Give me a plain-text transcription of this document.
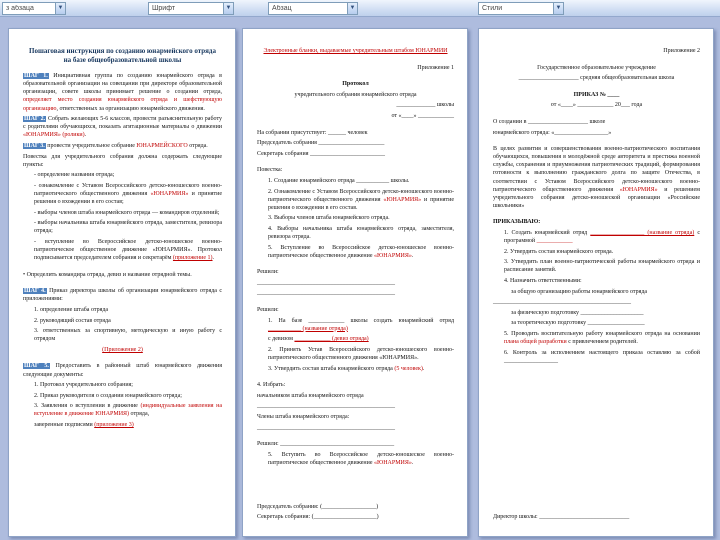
з абзаца	▼	Шрифт	▼	Абзац	▼	Стили	▼
Пошаговая инструкция по созданию юнармейского отряда на базе общеобразовательной школы
ШАГ 1. Инициативная группа по созданию юнармейского отряда в образовательной организации на совещании при директоре образовательной организации, совете школы принимает решение о создании отряда, определяет место создания юнармейского отряда и шефствующую организацию, ответственных за организацию юнармейского движения.
ШАГ 2. Собрать желающих 5-6 классов, провести разъяснительную работу с родителями обучающихся, показать агитационные материалы о движении «ЮНАРМИЯ» (ролики).
ШАГ 3. провести учредительное собрание ЮНАРМЕЙСКОГО отряда.
Повестка для учредительного собрания должна содержать следующие пункты:
- определение названия отряда;
- ознакомление с Уставом Всероссийского детско-юношеского военно-патриотического общественного движения «ЮНАРМИЯ» и принятие решения о вхождении в его состав;
- выборы членов штаба юнармейского отряда — командиров отделений;
- выборы начальника штаба юнармейского отряда, заместителя, ревизора отряда;
- вступление во Всероссийское детско-юношеское военно-патриотическое общественное движение «ЮНАРМИЯ». Протокол подписывается председателем собрания и секретарём (приложение 1).
• Определить командира отряда, девиз и название отрядной темы.
ШАГ 4. Приказ директора школы об организации юнармейского отряда с приложениями:
1. определение штаба отряда
2. руководящий состав отряда
3. ответственных за спортивную, методическую и иную работу с отрядом
(Приложение 2)
ШАГ 5. Предоставить в районный штаб юнармейского движения следующие документы:
1. Протокол учредительного собрания;
2. Приказ руководителя о создании юнармейского отряда;
3. Заявления о вступлении в движение (индивидуальные заявления на вступление в движение ЮНАРМИЯ) отряда,
заверенные подписями (приложение 3)
Электронные бланки, выдаваемые учредительным штабом ЮНАРМИИ
Приложение 1
Протокол
учредительного собрания юнармейского отряда
_____________ школы
от «____» ____________
На собрании присутствует: ______ человек
Председатель собрания ______________________
Секретарь собрания _________________________
Повестка:
1. Создание юнармейского отряда ___________ школы.
2. Ознакомление с Уставом Всероссийского детско-юношеского военно-патриотического общественного движения «ЮНАРМИЯ» и принятие решения о вхождении в его состав.
3. Выборы членов штаба юнармейского отряда.
4. Выборы начальника штаба юнармейского отряда, заместителя, ревизора отряда.
5. Вступление во Всероссийское детско-юношеское военно-патриотическое общественное движение «ЮНАРМИЯ».
Решили:
______________________________________________
______________________________________________
Решили:
1. На базе ____________ школы создать юнармейский отряд ___________ (название отряда)
с девизом ____________ (девиз отряда)
2. Принять Устав Всероссийского детско-юношеского военно-патриотического общественного движения «ЮНАРМИЯ».
3. Утвердить состав штаба юнармейского отряда (5 человек).
4. Избрать:
начальником штаба юнармейского отряда
______________________________________________
Члены штаба юнармейского отряда:
______________________________________________
Решили: ______________________________________
5. Вступить во Всероссийское детско-юношеское военно-патриотическое общественное движение «ЮНАРМИЯ».
Председатель собрания: (__________________)
Секретарь собрания: (_____________________)
Приложение 2
Государственное образовательное учреждение
____________________ средняя общеобразовательная школа
ПРИКАЗ № ____
от «____» ____________ 20___ года
О создании в ____________________ школе
юнармейского отряда: «__________________»
В целях развития и совершенствования военно-патриотического воспитания обучающихся, повышения в молодёжной среде авторитета и престижа военной службы, сохранения и приумножения патриотических традиций, формирования готовности к выполнению гражданского долга по защите Отечества, в соответствии с Уставом Всероссийского детско-юношеского военно-патриотического общественного движения «ЮНАРМИЯ» и решением учредительного собрания детско-юношеской организации «Российские школьники»
ПРИКАЗЫВАЮ:
1. Создать юнармейский отряд __________________ (название отряда) с программой ____________
2. Утвердить состав юнармейского отряда.
3. Утвердить план военно-патриотической работы юнармейского отряда и расписание занятий.
4. Назначить ответственными:
за общую организацию работы юнармейского отряда
______________________________________________
за физическую подготовку _____________________
за теоретическую подготовку ___________________
5. Проводить воспитательную работу юнармейского отряда на основании плана общей разработки с привлечением родителей.
6. Контроль за исполнением настоящего приказа оставляю за собой __________________
Директор школы: ______________________________
